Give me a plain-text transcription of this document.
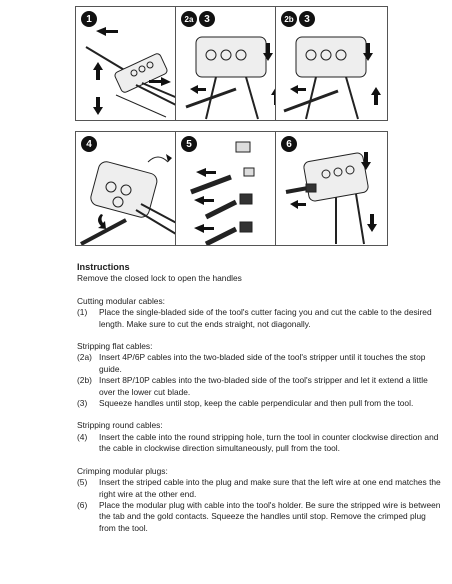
1	2a	3	2b	3
4	5	6
Instructions
Remove the closed lock to open the handles
Cutting modular cables:
(1)	Place the single-bladed side of the tool's cutter facing you and cut the cable to the desired length. Make sure to cut the ends straight, not diagonally.
Stripping flat cables:
(2a) Insert 4P/6P cables into the two-bladed side of the tool's stripper until it touches the stop guide.
(2b) Insert 8P/10P cables into the two-bladed side of the tool's stripper and let it extend a little over the lower cut blade.
(3)	Squeeze handles until stop, keep the cable perpendicular and then pull from the tool.
Stripping round cables:
(4)	Insert the cable into the round stripping hole, turn the tool in counter clockwise direction and the cable in clockwise direction simultaneously, pull from the tool.
Crimping modular plugs:
(5)	Insert the striped cable into the plug and make sure that the left wire at one end matches the right wire at the other end.
(6)	Place the modular plug with cable into the tool's holder. Be sure the stripped wire is between the tab and the gold contacts. Squeeze the handles until stop. Remove the crimped plug from the tool.
